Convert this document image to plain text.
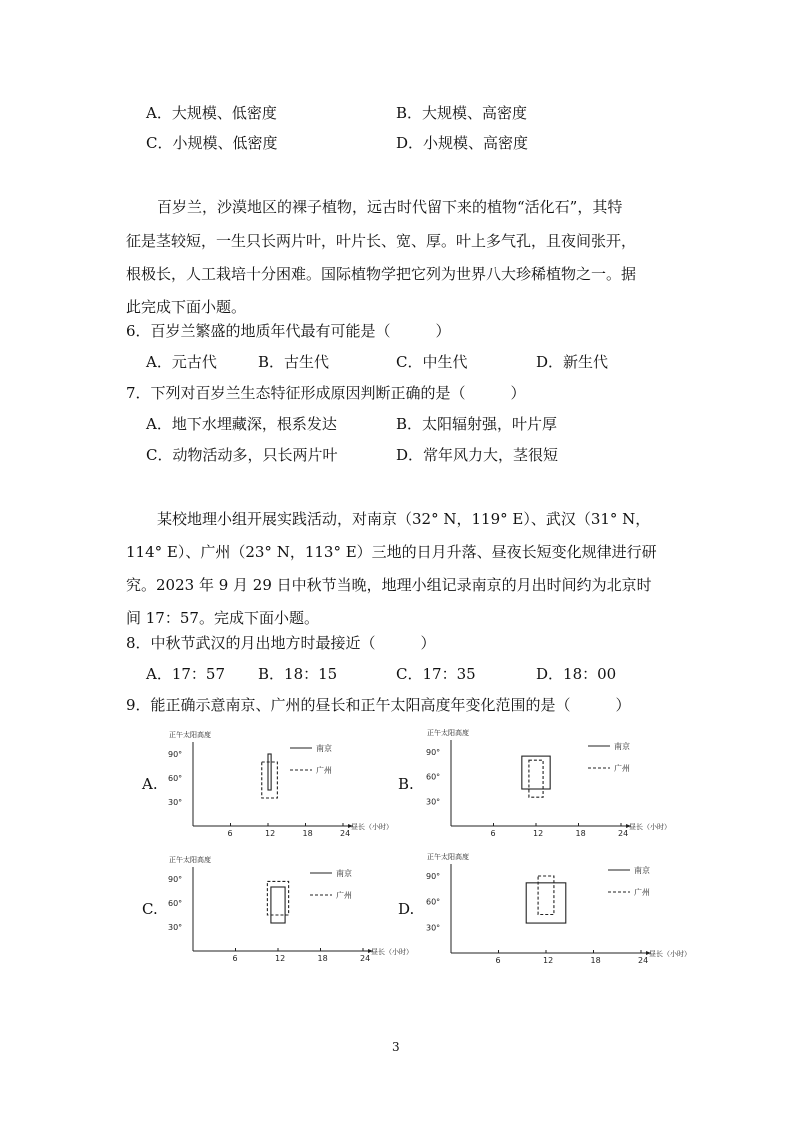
A．大规模、低密度	B．大规模、高密度
C．小规模、低密度	D．小规模、高密度
百岁兰，沙漠地区的裸子植物，远古时代留下来的植物“活化石”，其特
征是茎较短，一生只长两片叶，叶片长、宽、厚。叶上多气孔，且夜间张开，
根极长，人工栽培十分困难。国际植物学把它列为世界八大珍稀植物之一。据
此完成下面小题。
6．百岁兰繁盛的地质年代最有可能是（　　　）
A．元古代	B．古生代	C．中生代	D．新生代
7．下列对百岁兰生态特征形成原因判断正确的是（　　　）
A．地下水埋藏深，根系发达	B．太阳辐射强，叶片厚
C．动物活动多，只长两片叶	D．常年风力大，茎很短
某校地理小组开展实践活动，对南京（32° N，119° E）、武汉（31° N，
114° E）、广州（23° N，113° E）三地的日月升落、昼夜长短变化规律进行研
究。2023 年 9 月 29 日中秋节当晚，地理小组记录南京的月出时间约为北京时
间 17：57。完成下面小题。
8．中秋节武汉的月出地方时最接近（　　　）
A．17：57 B．18：15	C．17：35	D．18：00
9．能正确示意南京、广州的昼长和正午太阳高度年变化范围的是（　　　）
A.	B.
C.	D.
正午太阳高度
90°
60°
30°
6	12	18	24
昼长（小时）
南京
广州
正午太阳高度
90°
60°
30°
6	12	18	24
昼长（小时）
南京
广州
正午太阳高度
90°
60°
30°
6	12	18	24
昼长（小时）
南京
广州
正午太阳高度
90°
60°
30°
6	12	18	24
昼长（小时）
南京
广州
3
